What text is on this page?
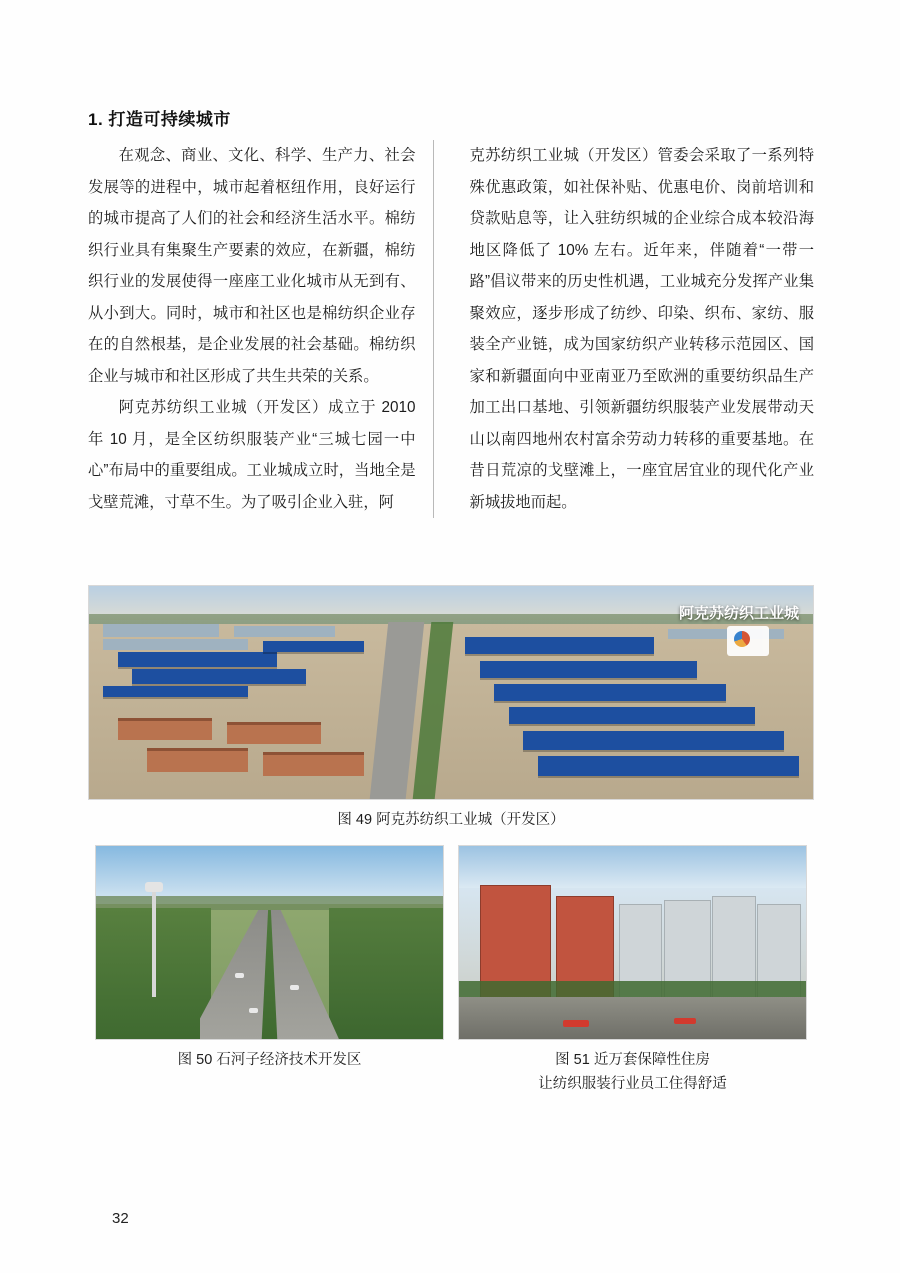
1. 打造可持续城市

在观念、商业、文化、科学、生产力、社会发展等的进程中，城市起着枢纽作用，良好运行的城市提高了人们的社会和经济生活水平。棉纺织行业具有集聚生产要素的效应，在新疆，棉纺织行业的发展使得一座座工业化城市从无到有、从小到大。同时，城市和社区也是棉纺织企业存在的自然根基，是企业发展的社会基础。棉纺织企业与城市和社区形成了共生共荣的关系。

阿克苏纺织工业城（开发区）成立于 2010 年 10 月，是全区纺织服装产业“三城七园一中心”布局中的重要组成。工业城成立时，当地全是戈壁荒滩，寸草不生。为了吸引企业入驻，阿

克苏纺织工业城（开发区）管委会采取了一系列特殊优惠政策，如社保补贴、优惠电价、岗前培训和贷款贴息等，让入驻纺织城的企业综合成本较沿海地区降低了 10% 左右。近年来，伴随着“一带一路”倡议带来的历史性机遇，工业城充分发挥产业集聚效应，逐步形成了纺纱、印染、织布、家纺、服装全产业链，成为国家纺织产业转移示范园区、国家和新疆面向中亚南亚乃至欧洲的重要纺织品生产加工出口基地、引领新疆纺织服装产业发展带动天山以南四地州农村富余劳动力转移的重要基地。在昔日荒凉的戈壁滩上，一座宜居宜业的现代化产业新城拔地而起。

阿克苏纺织工业城
图 49 阿克苏纺织工业城（开发区）
图 50 石河子经济技术开发区	图 51 近万套保障性住房
让纺织服装行业员工住得舒适
32
